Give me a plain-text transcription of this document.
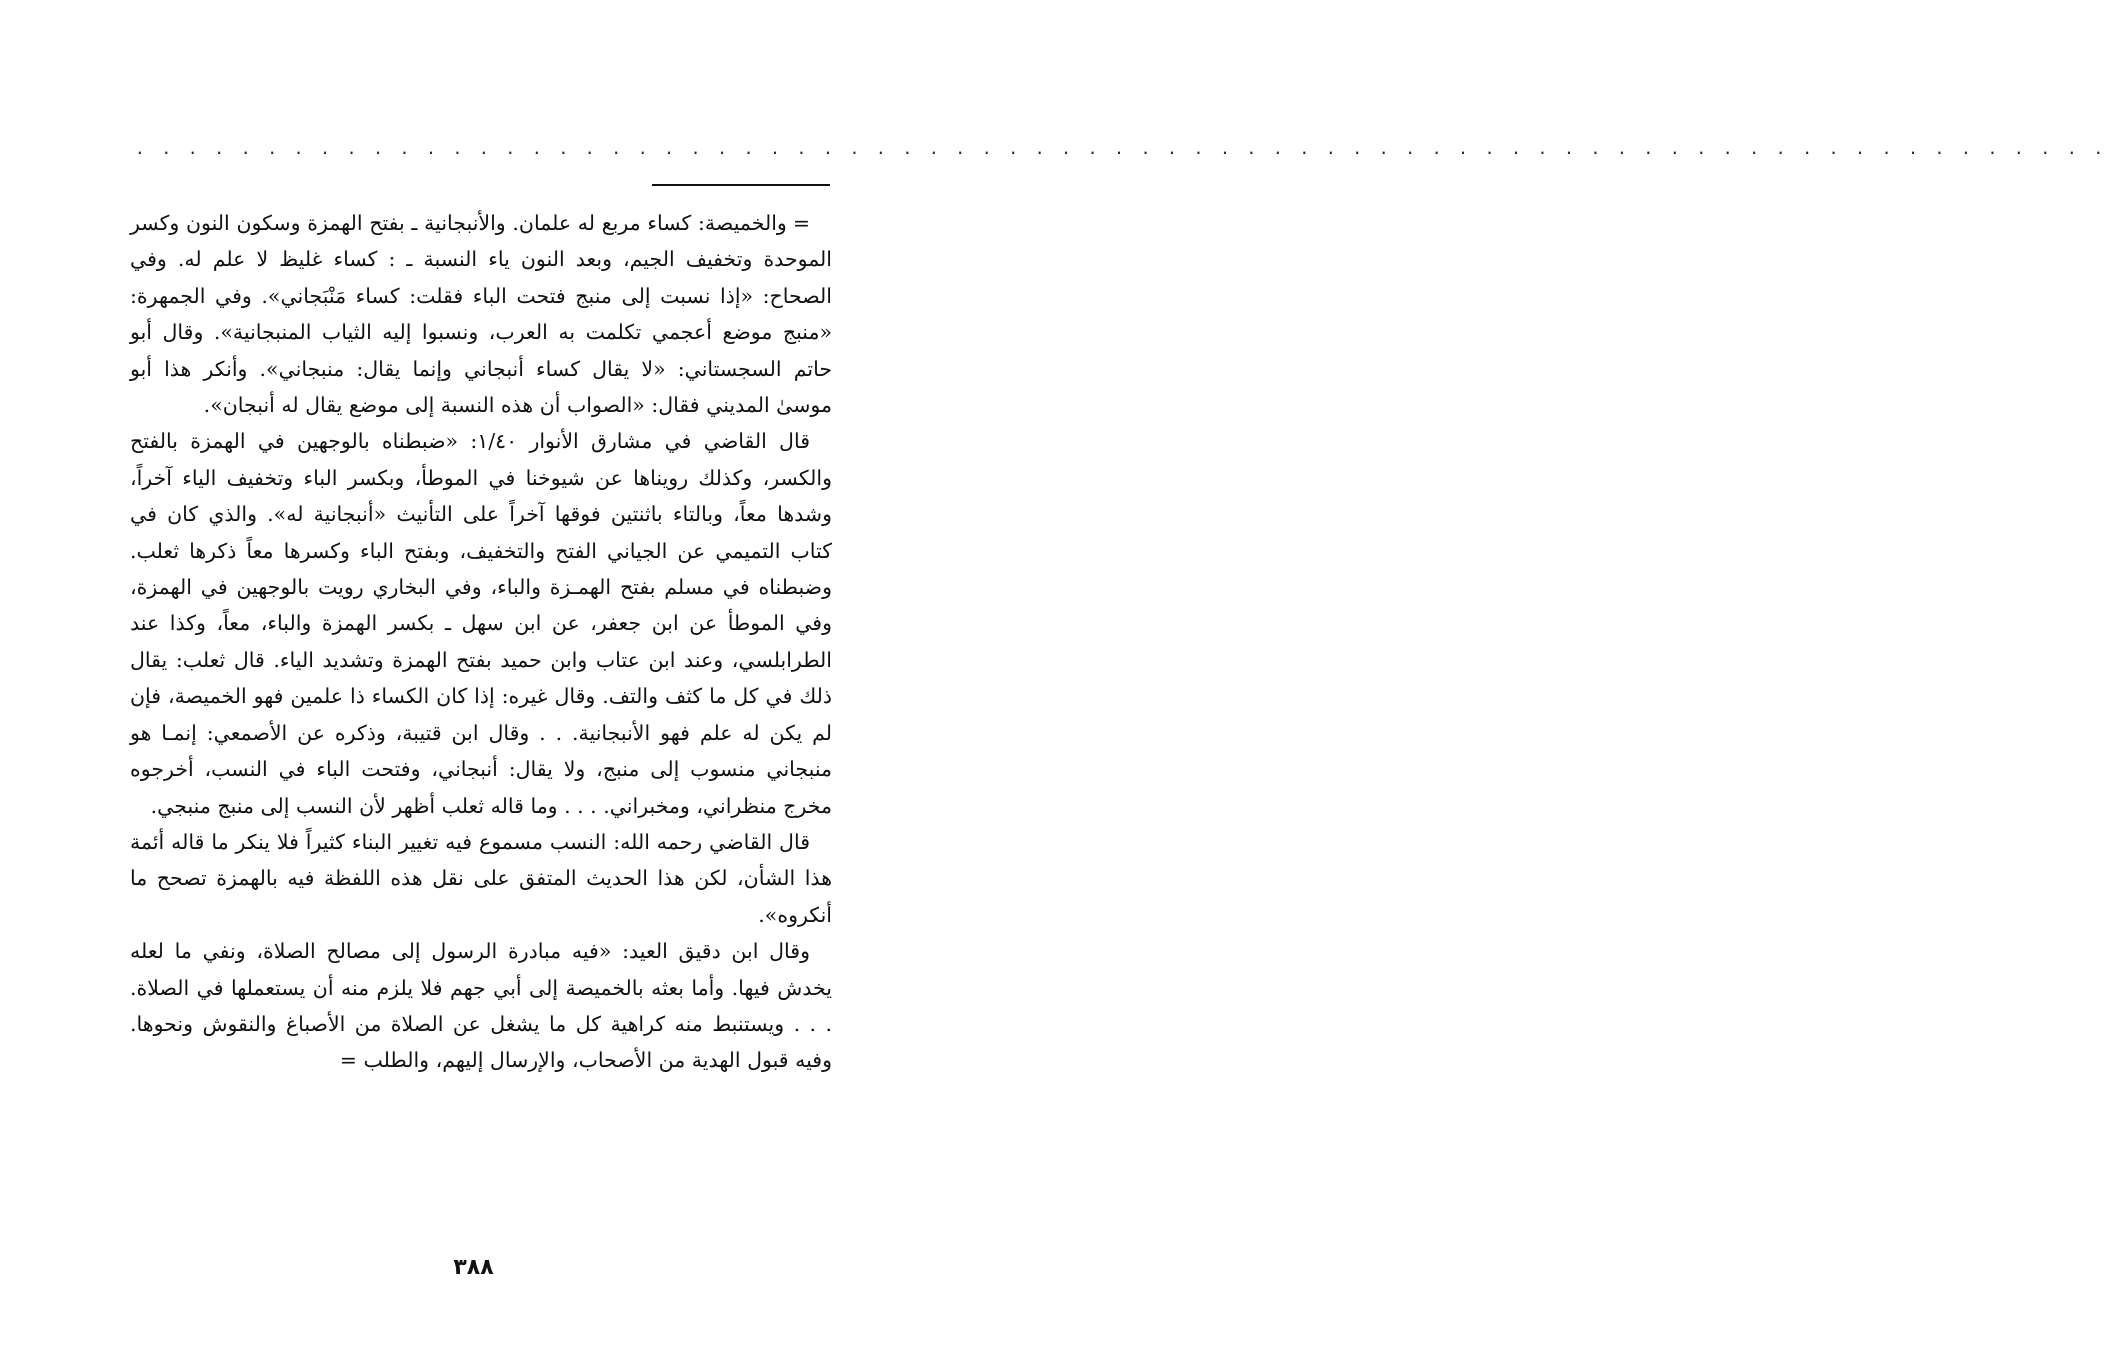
. . . . . . . . . . . . . . . . . . . . . . . . . . . . . . . . . . . . . . . . . . . . . . . . . . . . . . . . . . . . . . . . . . . . . . . . . . .

=والخميصة: كساء مربع له علمان. والأنبجانية ـ بفتح الهمزة وسكون النون وكسر الموحدة وتخفيف الجيم، وبعد النون ياء النسبة ـ : كساء غليظ لا علم له. وفي الصحاح: «إذا نسبت إلى منبج فتحت الباء فقلت: كساء مَنْبَجاني». وفي الجمهرة: «منبج موضع أعجمي تكلمت به العرب، ونسبوا إليه الثياب المنبجانية». وقال أبو حاتم السجستاني: «لا يقال كساء أنبجاني وإنما يقال: منبجاني». وأنكر هذا أبو موسىٰ المديني فقال: «الصواب أن هذه النسبة إلى موضع يقال له أنبجان».

قال القاضي في مشارق الأنوار ١/٤٠: «ضبطناه بالوجهين في الهمزة بالفتح والكسر، وكذلك رويناها عن شيوخنا في الموطأ، وبكسر الباء وتخفيف الياء آخراً، وشدها معاً، وبالتاء باثنتين فوقها آخراً على التأنيث «أنبجانية له». والذي كان في كتاب التميمي عن الجياني الفتح والتخفيف، وبفتح الباء وكسرها معاً ذكرها ثعلب. وضبطناه في مسلم بفتح الهمـزة والباء، وفي البخاري رويت بالوجهين في الهمزة، وفي الموطأ عن ابن جعفر، عن ابن سهل ـ بكسر الهمزة والباء، معاً، وكذا عند الطرابلسي، وعند ابن عتاب وابن حميد بفتح الهمزة وتشديد الياء. قال ثعلب: يقال ذلك في كل ما كثف والتف. وقال غيره: إذا كان الكساء ذا علمين فهو الخميصة، فإن لم يكن له علم فهو الأنبجانية. . . وقال ابن قتيبة، وذكره عن الأصمعي: إنمـا هو منبجاني منسوب إلى منبج، ولا يقال: أنبجاني، وفتحت الباء في النسب، أخرجوه مخرج منظراني، ومخبراني. . . . وما قاله ثعلب أظهر لأن النسب إلى منبج منبجي.

قال القاضي رحمه الله: النسب مسموع فيه تغيير البناء كثيراً فلا ينكر ما قاله أئمة هذا الشأن، لكن هذا الحديث المتفق على نقل هذه اللفظة فيه بالهمزة تصحح ما أنكروه».

وقال ابن دقيق العيد: «فيه مبادرة الرسول إلى مصالح الصلاة، ونفي ما لعله يخدش فيها. وأما بعثه بالخميصة إلى أبي جهم فلا يلزم منه أن يستعملها في الصلاة. . . . ويستنبط منه كراهية كل ما يشغل عن الصلاة من الأصباغ والنقوش ونحوها. وفيه قبول الهدية من الأصحاب، والإرسال إليهم، والطلب =

٣٨٨
